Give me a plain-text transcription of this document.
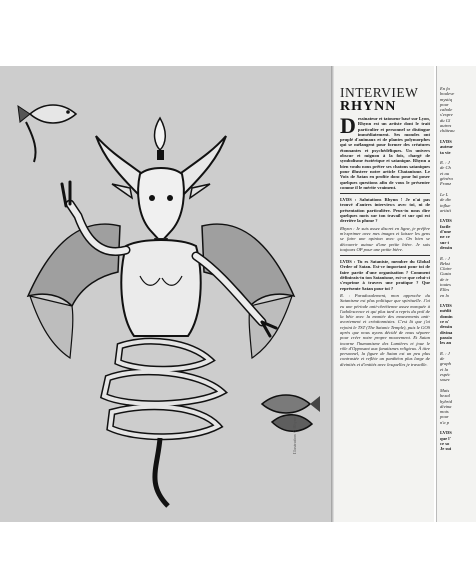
Illustration © Rhynn
INTERVIEW
RHYNN

Dessinateur et tatoueur basé sur Lyon, Rhynn est un artiste dont le trait particulier et personnel se distingue immédiatement. Ses mondes ont peuplé d'animaux et de plantes polymorphes qui se mélangent pour former des créatures étonnantes et psychédéliques. Un univers obscur et mignon à la fois, chargé de symbolisme ésotérique et satanique. Rhynn a bien voulu nous prêter ses chatons sataniques pour illustrer notre article Chatanisme. Le Voix de Satan en profite donc pour lui poser quelques questions afin de vous le présenter comme il le mérite vraiment.

LVDS : Salutations Rhynn ! Je n'ai pas trouvé d'autres interviews avec toi, ni de présentation particulière. Peux-tu nous dire quelques mots sur ton travail et sur qui est derrière la plume ?

Rhynn : Je suis assez discret en ligne, je préfère m'exprimer avec mes images et laisser les gens se faire une opinion avec ça. On bien se découvrir autour d'une petite bière. Je suis toujours OP pour une petite bière.

LVDS : Tu es Sataniste, membre du Global Order of Satan. Est-ce important pour toi de faire partie d'une organisation ? Comment définirais-tu ton Satanisme, est-ce que celui-ci s'exprime à travers une pratique ? Que représente Satan pour toi ?

R. : Paradoxalement, mon approche du Satanisme est plus politique que spirituelle. J'ai eu une période anti-chrétienne assez marquée à l'adolescence et qui plus tard a repris du poil de la bête avec la montée des mouvements anti-avortement et créationnistes. C'est là que j'ai rejoint le TST (The Satanic Temple), puis le GOS après que nous ayons décidé de nous séparer pour créer notre propre mouvement. Et Satan incarne l'humanisme des Lumières et joue le rôle d'Opposant aux fanatismes religieux. À titre personnel, la figure de Satan est un peu plus contrastée et reflète un panthéon plus large de divinités et d'entités avec lesquelles je travaille.

En fa

bouleve

mystiq

pour

cabale

s'expre

du Gl

autres

château

LVDS

auteur

ta vie

R. : J

de Ch

et au

généra

Franz

Le L

de div

influe

artisti

LVDS

facile

d'une

ne ce

sur t

dessin

R. : J

Bekst

Claire

Gusta

de tr

toutes

Elles

en lo

LVDS

médit

domin

ce n'

dessin

divina

passio

les an

R. : J

de

graph

et la

espéc

sourc

Mais

hexal

hybrid

divina

mots

pour

n'a p

LVDS

que l'

ce so

Je sui
